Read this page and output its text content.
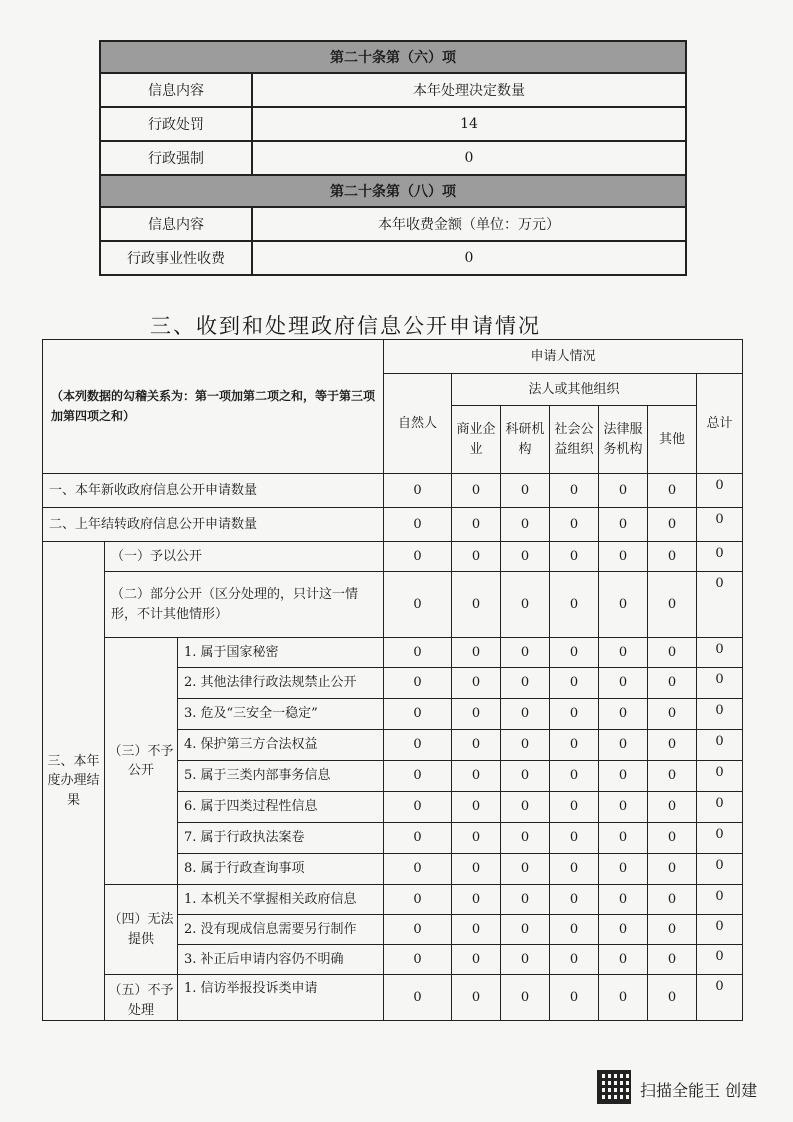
第二十条第（六）项	
信息内容	本年处理决定数量
行政处罚	14
行政强制	0
第二十条第（八）项	
信息内容	本年收费金额（单位：万元）
行政事业性收费	0
三、收到和处理政府信息公开申请情况
（本列数据的勾稽关系为：第一项加第二项之和，等于第三项加第四项之和）			申请人情况						
			自然人	法人或其他组织					总计
				商业企业	科研机构	社会公益组织	法律服务机构	其他	
一、本年新收政府信息公开申请数量			0	0	0	0	0	0	0
二、上年结转政府信息公开申请数量			0	0	0	0	0	0	0
三、本年度办理结果	（一）予以公开		0	0	0	0	0	0	0
	（二）部分公开（区分处理的，只计这一情形，不计其他情形）		0	0	0	0	0	0	0
	（三）不予公开	1. 属于国家秘密	0	0	0	0	0	0	0
		2. 其他法律行政法规禁止公开	0	0	0	0	0	0	0
		3. 危及“三安全一稳定”	0	0	0	0	0	0	0
		4. 保护第三方合法权益	0	0	0	0	0	0	0
		5. 属于三类内部事务信息	0	0	0	0	0	0	0
		6. 属于四类过程性信息	0	0	0	0	0	0	0
		7. 属于行政执法案卷	0	0	0	0	0	0	0
		8. 属于行政查询事项	0	0	0	0	0	0	0
	（四）无法提供	1. 本机关不掌握相关政府信息	0	0	0	0	0	0	0
		2. 没有现成信息需要另行制作	0	0	0	0	0	0	0
		3. 补正后申请内容仍不明确	0	0	0	0	0	0	0
	（五）不予处理	1. 信访举报投诉类申请	0	0	0	0	0	0	0
扫描全能王 创建
